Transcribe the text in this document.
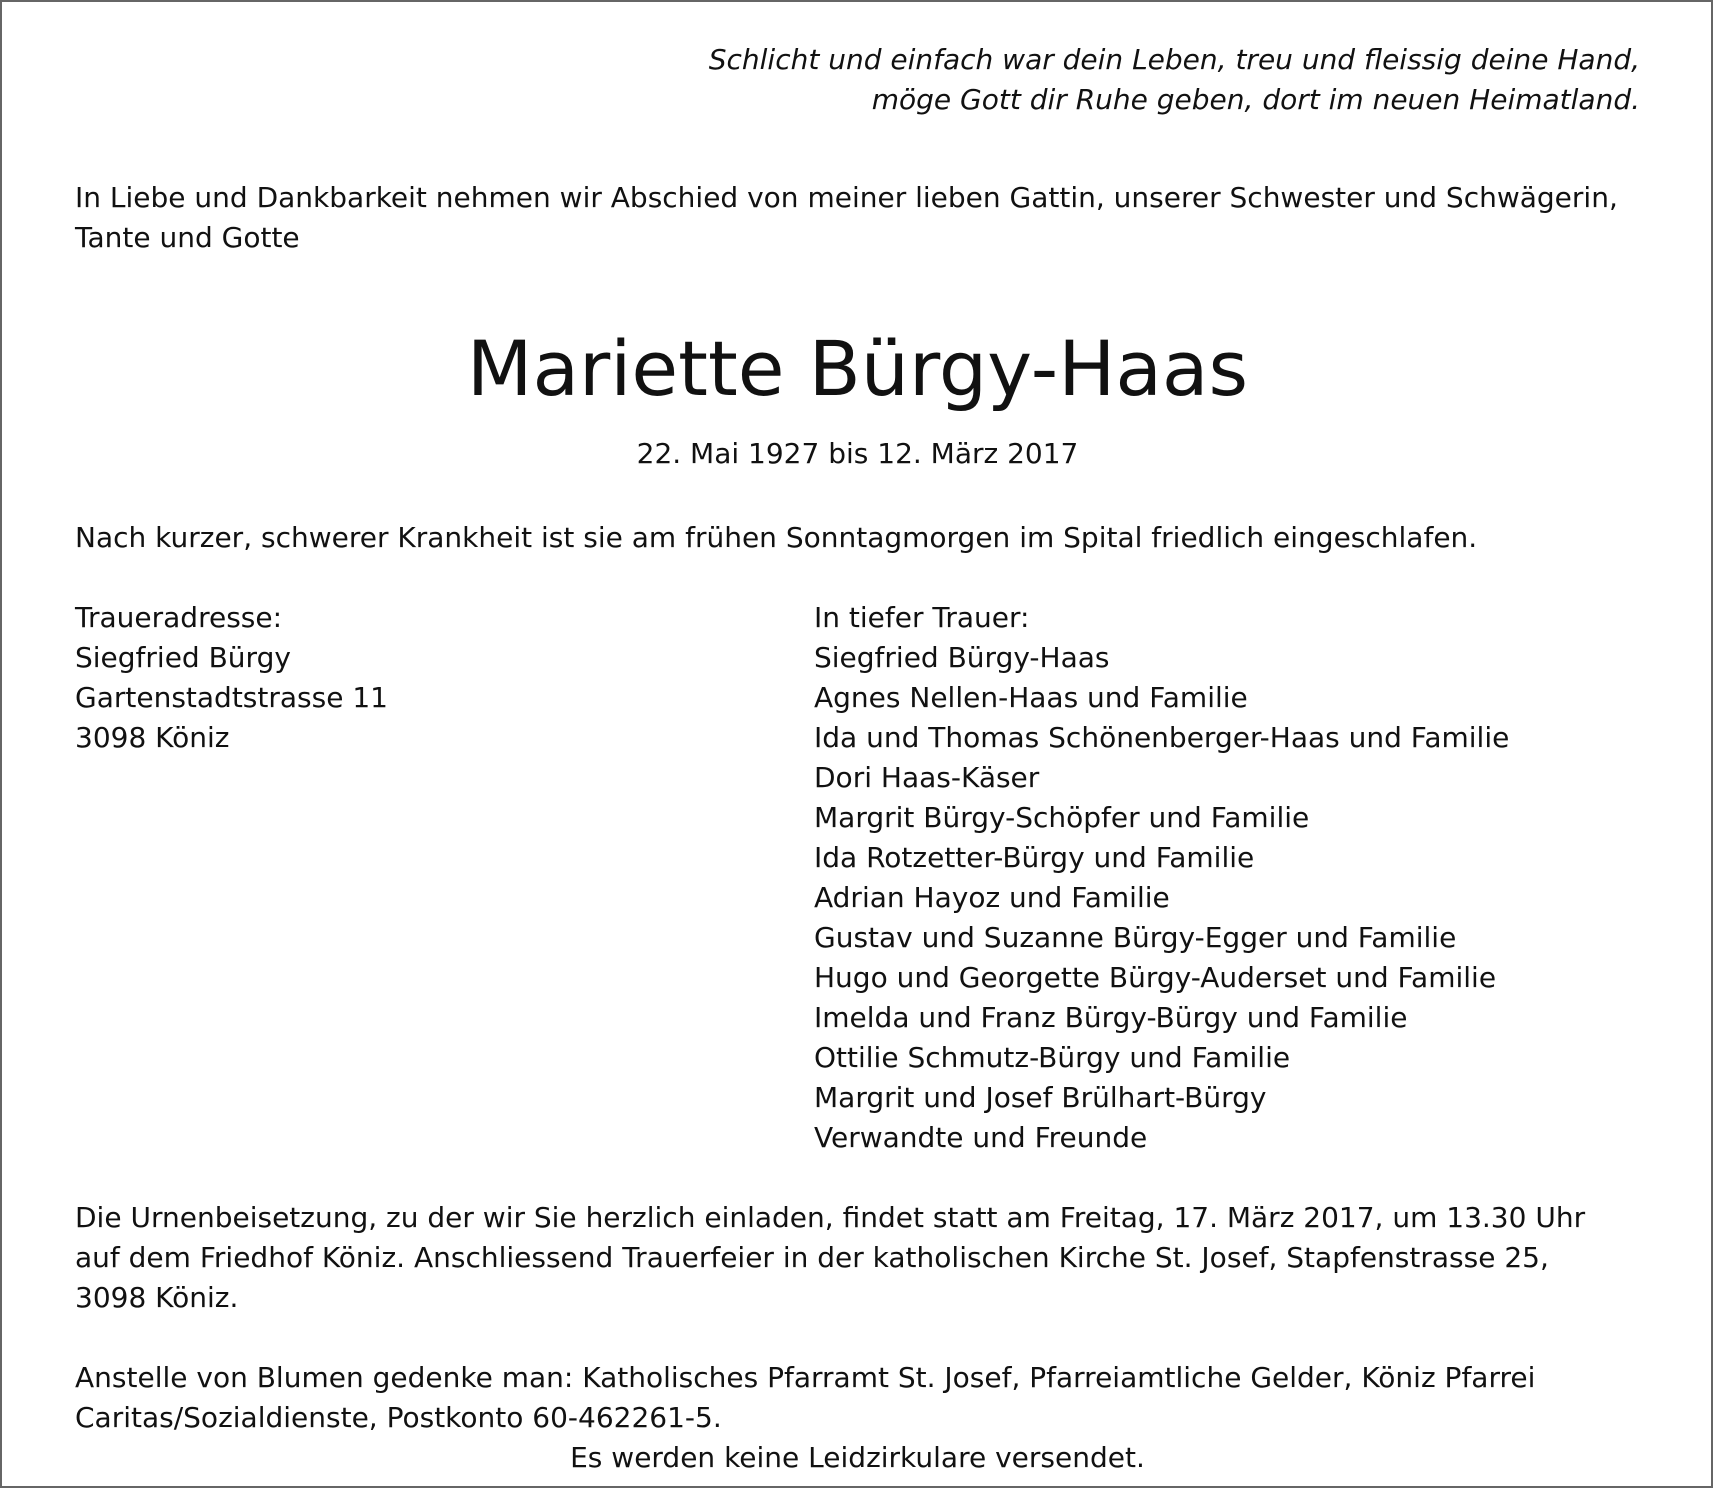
Schlicht und einfach war dein Leben, treu und fleissig deine Hand,
möge Gott dir Ruhe geben, dort im neuen Heimatland.
In Liebe und Dankbarkeit nehmen wir Abschied von meiner lieben Gattin, unserer Schwester und Schwägerin,
Tante und Gotte
Mariette Bürgy-Haas
22. Mai 1927 bis 12. März 2017
Nach kurzer, schwerer Krankheit ist sie am frühen Sonntagmorgen im Spital friedlich eingeschlafen.
Traueradresse:
Siegfried Bürgy
Gartenstadtstrasse 11
3098 Köniz
In tiefer Trauer:
Siegfried Bürgy-Haas
Agnes Nellen-Haas und Familie
Ida und Thomas Schönenberger-Haas und Familie
Dori Haas-Käser
Margrit Bürgy-Schöpfer und Familie
Ida Rotzetter-Bürgy und Familie
Adrian Hayoz und Familie
Gustav und Suzanne Bürgy-Egger und Familie
Hugo und Georgette Bürgy-Auderset und Familie
Imelda und Franz Bürgy-Bürgy und Familie
Ottilie Schmutz-Bürgy und Familie
Margrit und Josef Brülhart-Bürgy
Verwandte und Freunde
Die Urnenbeisetzung, zu der wir Sie herzlich einladen, findet statt am Freitag, 17. März 2017, um 13.30 Uhr
auf dem Friedhof Köniz. Anschliessend Trauerfeier in der katholischen Kirche St. Josef, Stapfenstrasse 25,
3098 Köniz.
Anstelle von Blumen gedenke man: Katholisches Pfarramt St. Josef, Pfarreiamtliche Gelder, Köniz Pfarrei
Caritas/Sozialdienste, Postkonto 60-462261-5.
Es werden keine Leidzirkulare versendet.
